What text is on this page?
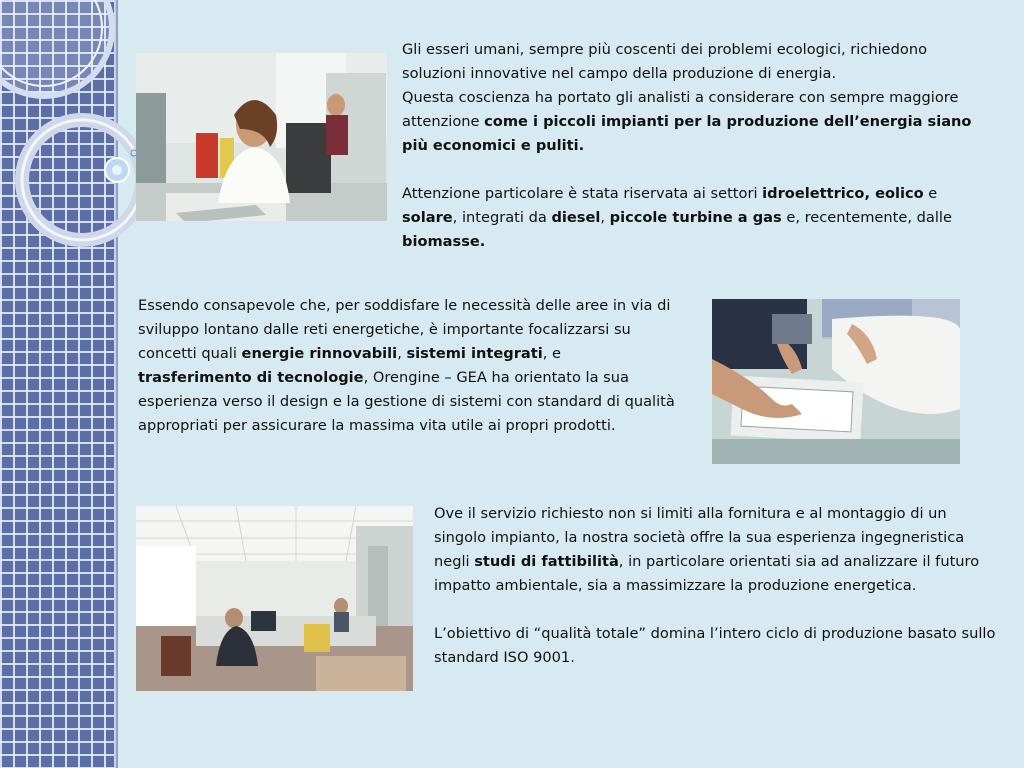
Gli esseri umani, sempre più coscenti dei problemi ecologici, richiedono soluzioni innovative nel campo della produzione di energia.

Questa coscienza ha portato gli analisti a considerare con sempre maggiore attenzione come i piccoli impianti per la produzione dell’energia siano più economici e puliti.

Attenzione particolare è stata riservata ai settori idroelettrico, eolico e solare, integrati da diesel, piccole turbine a gas e, recentemente, dalle biomasse.

Essendo consapevole che, per soddisfare le necessità delle aree in via di sviluppo lontano dalle reti energetiche, è importante focalizzarsi su concetti quali energie rinnovabili, sistemi integrati, e trasferimento di tecnologie, Orengine – GEA ha orientato la sua esperienza verso il design e la gestione di sistemi con standard di qualità appropriati per assicurare la massima vita utile ai propri prodotti.

Ove il servizio richiesto non si limiti alla fornitura e al montaggio di un singolo impianto, la nostra società offre la sua esperienza ingegneristica negli studi di fattibilità, in particolare orientati sia ad analizzare il futuro impatto ambientale, sia a massimizzare la produzione energetica.

L’obiettivo di “qualità totale” domina l’intero ciclo di produzione basato sullo standard ISO 9001.
